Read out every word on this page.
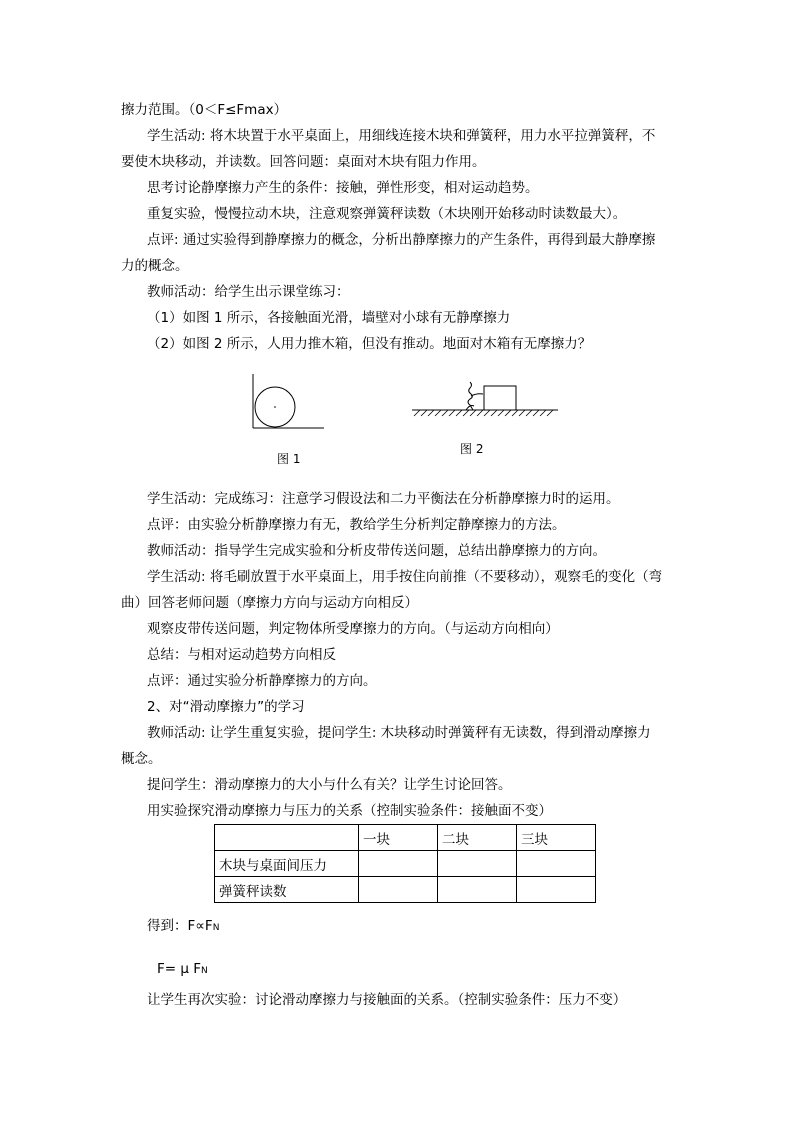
擦力范围。（0＜F≤Fmax）
学生活动: 将木块置于水平桌面上，用细线连接木块和弹簧秤，用力水平拉弹簧秤，不
要使木块移动，并读数。回答问题：桌面对木块有阻力作用。
思考讨论静摩擦力产生的条件：接触，弹性形变，相对运动趋势。
重复实验，慢慢拉动木块，注意观察弹簧秤读数（木块刚开始移动时读数最大）。
点评: 通过实验得到静摩擦力的概念，分析出静摩擦力的产生条件，再得到最大静摩擦
力的概念。
教师活动：给学生出示课堂练习：
（1）如图 1 所示，各接触面光滑，墙壁对小球有无静摩擦力
（2）如图 2 所示，人用力推木箱，但没有推动。地面对木箱有无摩擦力？
图 1
图 2
学生活动：完成练习：注意学习假设法和二力平衡法在分析静摩擦力时的运用。
点评：由实验分析静摩擦力有无，教给学生分析判定静摩擦力的方法。
教师活动：指导学生完成实验和分析皮带传送问题，总结出静摩擦力的方向。
学生活动: 将毛刷放置于水平桌面上，用手按住向前推（不要移动），观察毛的变化（弯
曲）回答老师问题（摩擦力方向与运动方向相反）
观察皮带传送问题，判定物体所受摩擦力的方向。（与运动方向相向）
总结：与相对运动趋势方向相反
点评：通过实验分析静摩擦力的方向。
2、对“滑动摩擦力”的学习
教师活动: 让学生重复实验，提问学生: 木块移动时弹簧秤有无读数，得到滑动摩擦力
概念。
提问学生：滑动摩擦力的大小与什么有关？让学生讨论回答。
用实验探究滑动摩擦力与压力的关系（控制实验条件：接触面不变）
	一块	二块	三块
木块与桌面间压力			
弹簧秤读数			
得到：F∝FN
F= μ FN
让学生再次实验：讨论滑动摩擦力与接触面的关系。（控制实验条件：压力不变）
